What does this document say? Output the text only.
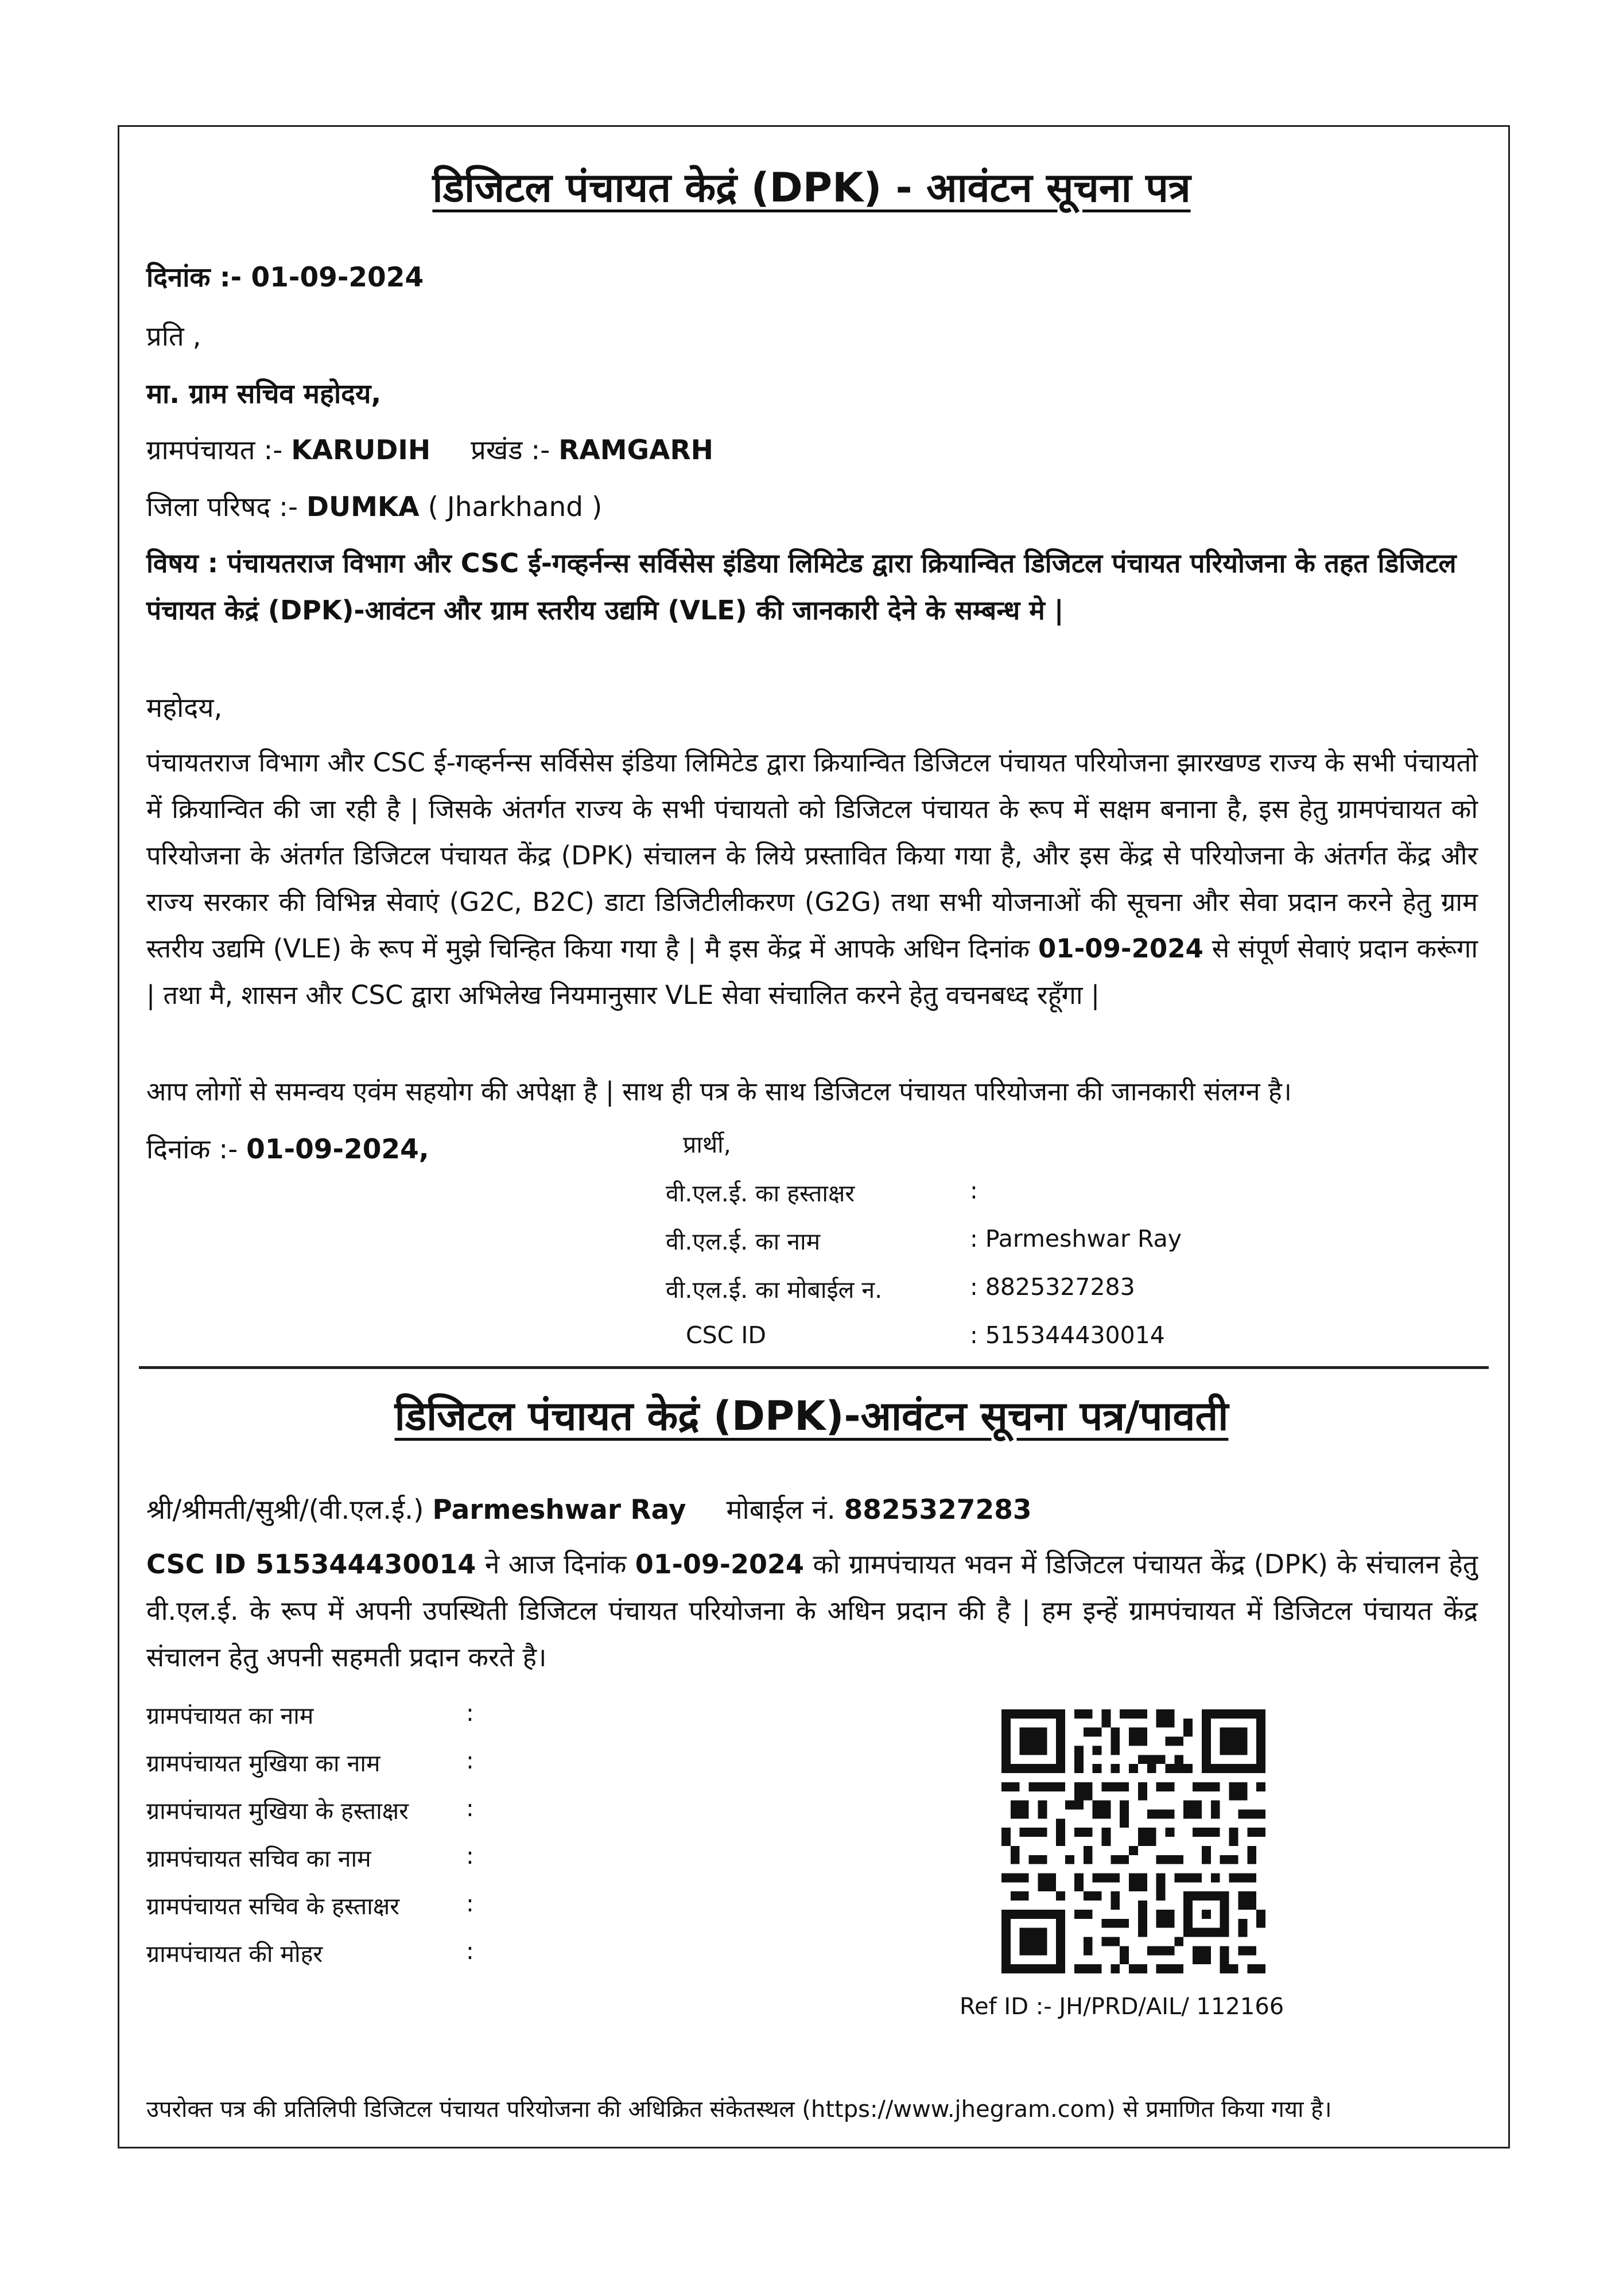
डिजिटल पंचायत केद्रं (DPK) - आवंटन सूचना पत्र
दिनांक :- 01-09-2024
प्रति ,
मा. ग्राम सचिव महोदय,
ग्रामपंचायत :- KARUDIH प्रखंड :- RAMGARH
जिला परिषद :- DUMKA ( Jharkhand )
विषय : पंचायतराज विभाग और CSC ई-गव्हर्नन्स सर्विसेस इंडिया लिमिटेड द्वारा क्रियान्वित डिजिटल पंचायत परियोजना के तहत डिजिटल पंचायत केद्रं (DPK)-आवंटन और ग्राम स्तरीय उद्यमि (VLE) की जानकारी देने के सम्बन्ध मे |
महोदय,
पंचायतराज विभाग और CSC ई-गव्हर्नन्स सर्विसेस इंडिया लिमिटेड द्वारा क्रियान्वित डिजिटल पंचायत परियोजना झारखण्ड राज्य के सभी पंचायतो में क्रियान्वित की जा रही है | जिसके अंतर्गत राज्य के सभी पंचायतो को डिजिटल पंचायत के रूप में सक्षम बनाना है, इस हेतु ग्रामपंचायत को परियोजना के अंतर्गत डिजिटल पंचायत केंद्र (DPK) संचालन के लिये प्रस्तावित किया गया है, और इस केंद्र से परियोजना के अंतर्गत केंद्र और राज्य सरकार की विभिन्न सेवाएं (G2C, B2C) डाटा डिजिटीलीकरण (G2G) तथा सभी योजनाओं की सूचना और सेवा प्रदान करने हेतु ग्राम स्तरीय उद्यमि (VLE) के रूप में मुझे चिन्हित किया गया है | मै इस केंद्र में आपके अधिन दिनांक 01-09-2024 से संपूर्ण सेवाएं प्रदान करूंगा | तथा मै, शासन और CSC द्वारा अभिलेख नियमानुसार VLE सेवा संचालित करने हेतु वचनबध्द रहूँगा |
आप लोगों से समन्वय एवंम सहयोग की अपेक्षा है | साथ ही पत्र के साथ डिजिटल पंचायत परियोजना की जानकारी संलग्न है।
दिनांक :- 01-09-2024,	प्रार्थी,
वी.एल.ई. का हस्ताक्षर	:
वी.एल.ई. का नाम	: Parmeshwar Ray
वी.एल.ई. का मोबाईल न.	: 8825327283
CSC ID	: 515344430014
डिजिटल पंचायत केद्रं (DPK)-आवंटन सूचना पत्र/पावती
श्री/श्रीमती/सुश्री/(वी.एल.ई.) Parmeshwar Ray मोबाईल नं. 8825327283
CSC ID 515344430014 ने आज दिनांक 01-09-2024 को ग्रामपंचायत भवन में डिजिटल पंचायत केंद्र (DPK) के संचालन हेतु वी.एल.ई. के रूप में अपनी उपस्थिती डिजिटल पंचायत परियोजना के अधिन प्रदान की है | हम इन्हें ग्रामपंचायत में डिजिटल पंचायत केंद्र संचालन हेतु अपनी सहमती प्रदान करते है।
ग्रामपंचायत का नाम	:
ग्रामपंचायत मुखिया का नाम	:
ग्रामपंचायत मुखिया के हस्ताक्षर :
ग्रामपंचायत सचिव का नाम	:
ग्रामपंचायत सचिव के हस्ताक्षर	:
ग्रामपंचायत की मोहर	:
Ref ID :- JH/PRD/AIL/ 112166
उपरोक्त पत्र की प्रतिलिपी डिजिटल पंचायत परियोजना की अधिक्रित संकेतस्थल (https://www.jhegram.com) से प्रमाणित किया गया है।
